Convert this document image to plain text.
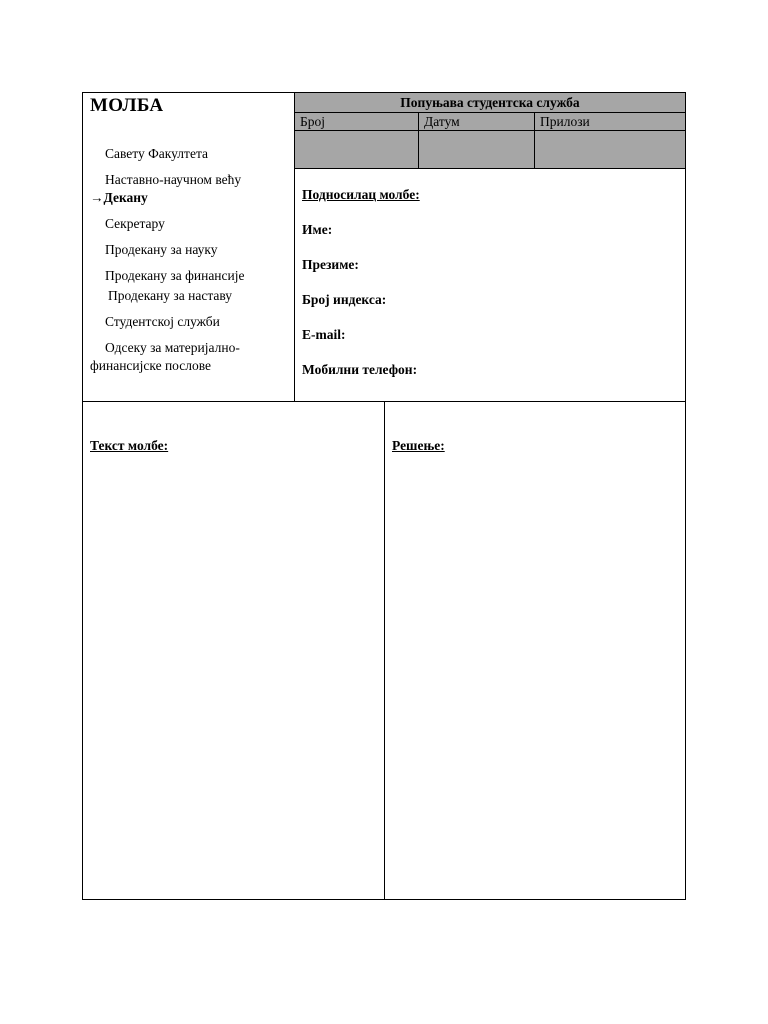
МОЛБА

Савету Факултета

Наставно-научном већу

→Декану

Секретару

Продекану за науку

Продекану за финансије

Продекану за наставу

Студентској служби

Одсеку за материјално-

финансијске послове

Попуњава студентска служба
Број	Датум	Прилози

Подносилац молбе:

Име:

Презиме:

Број индекса:

E-mail:

Мобилни телефон:

Текст молбе:	Решење:
